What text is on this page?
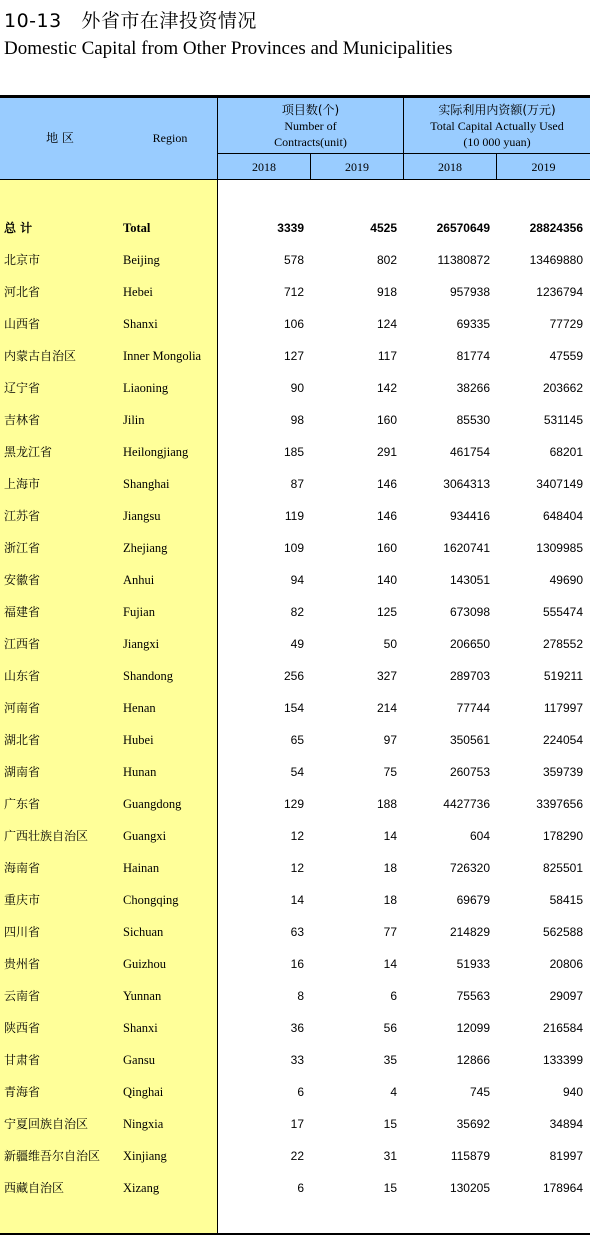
10-13 外省市在津投资情况
Domestic Capital from Other Provinces and Municipalities
地 区	Region
项目数(个)
Number of
Contracts(unit)
实际利用内资额(万元)
Total Capital Actually Used
(10 000 yuan)
2018	2019	2018	2019
总 计	Total	3339	4525	26570649	28824356
北京市	Beijing	578	802	11380872	13469880
河北省	Hebei	712	918	957938	1236794
山西省	Shanxi	106	124	69335	77729
内蒙古自治区	Inner Mongolia	127	117	81774	47559
辽宁省	Liaoning	90	142	38266	203662
吉林省	Jilin	98	160	85530	531145
黑龙江省	Heilongjiang	185	291	461754	68201
上海市	Shanghai	87	146	3064313	3407149
江苏省	Jiangsu	119	146	934416	648404
浙江省	Zhejiang	109	160	1620741	1309985
安徽省	Anhui	94	140	143051	49690
福建省	Fujian	82	125	673098	555474
江西省	Jiangxi	49	50	206650	278552
山东省	Shandong	256	327	289703	519211
河南省	Henan	154	214	77744	117997
湖北省	Hubei	65	97	350561	224054
湖南省	Hunan	54	75	260753	359739
广东省	Guangdong	129	188	4427736	3397656
广西壮族自治区	Guangxi	12	14	604	178290
海南省	Hainan	12	18	726320	825501
重庆市	Chongqing	14	18	69679	58415
四川省	Sichuan	63	77	214829	562588
贵州省	Guizhou	16	14	51933	20806
云南省	Yunnan	8	6	75563	29097
陕西省	Shanxi	36	56	12099	216584
甘肃省	Gansu	33	35	12866	133399
青海省	Qinghai	6	4	745	940
宁夏回族自治区	Ningxia	17	15	35692	34894
新疆维吾尔自治区 Xinjiang	22	31	115879	81997
西藏自治区	Xizang	6	15	130205	178964
